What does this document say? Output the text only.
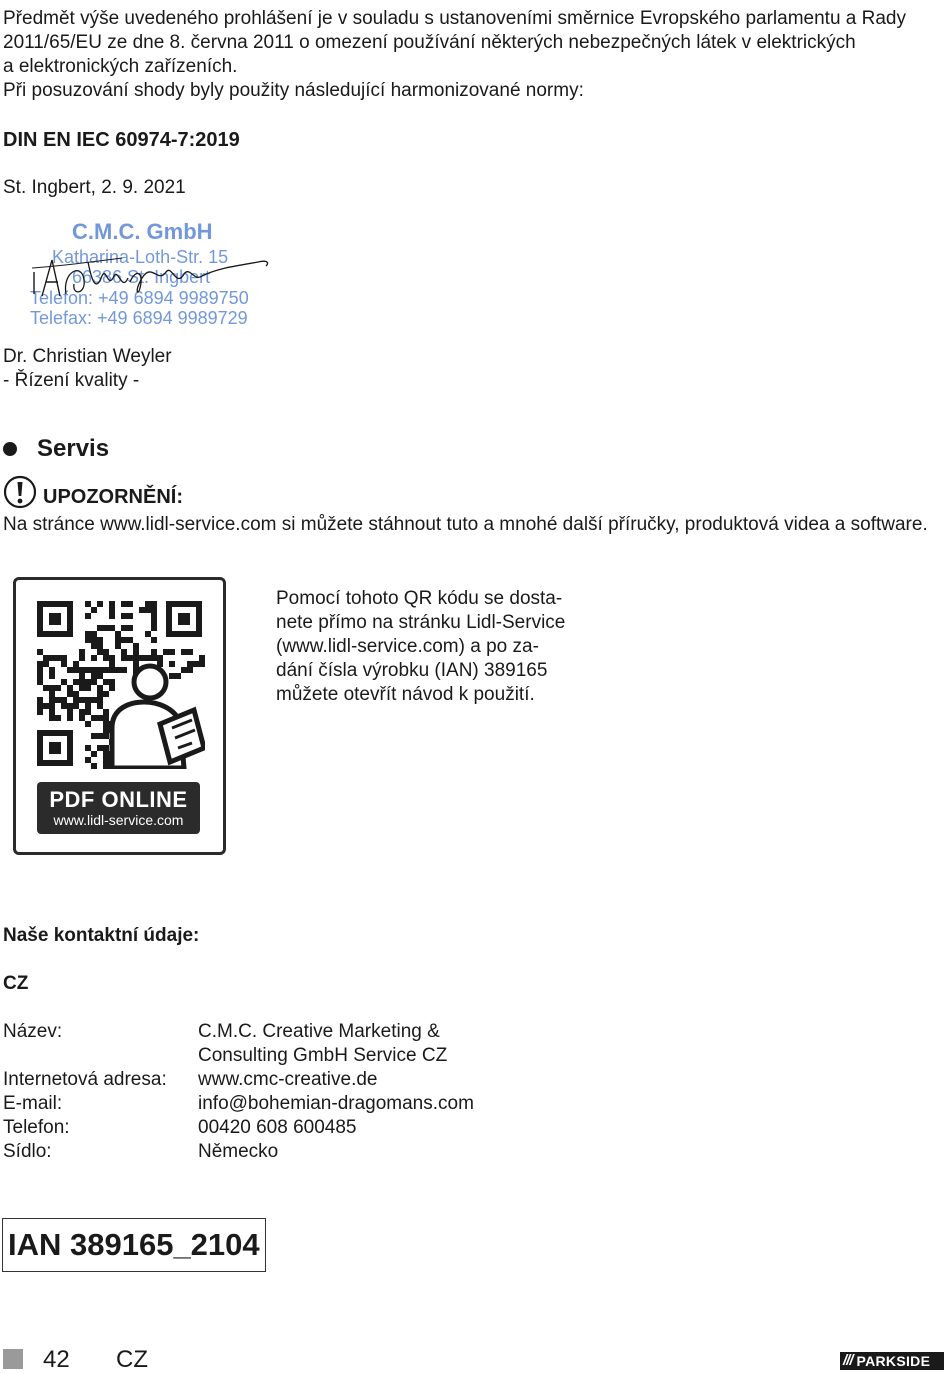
Předmět výše uvedeného prohlášení je v souladu s ustanoveními směrnice Evropského parlamentu a Rady

2011/65/EU ze dne 8. června 2011 o omezení používání některých nebezpečných látek v elektrických

a elektronických zařízeních.

Při posuzování shody byly použity následující harmonizované normy:

DIN EN IEC 60974-7:2019
St. Ingbert, 2. 9. 2021
C.M.C. GmbH
Katharina-Loth-Str. 15
66386 St. Ingbert
Telefon: +49 6894 9989750
Telefax: +49 6894 9989729
Dr. Christian Weyler
- Řízení kvality -
Servis
UPOZORNĚNÍ:
Na stránce www.lidl-service.com si můžete stáhnout tuto a mnohé další příručky, produktová videa a software.
PDF ONLINE
www.lidl-service.com
Pomocí tohoto QR kódu se dosta-
nete přímo na stránku Lidl-Service
(www.lidl-service.com) a po za-
dání čísla výrobku (IAN) 389165
můžete otevřít návod k použití.
Naše kontaktní údaje:
CZ
Název:	C.M.C. Creative Marketing &
Consulting GmbH Service CZ
Internetová adresa: www.cmc-creative.de
E-mail:	info@bohemian-dragomans.com
Telefon:	00420 608 600485
Sídlo:	Německo
IAN 389165_2104
42 CZ	/// PARKSIDE
